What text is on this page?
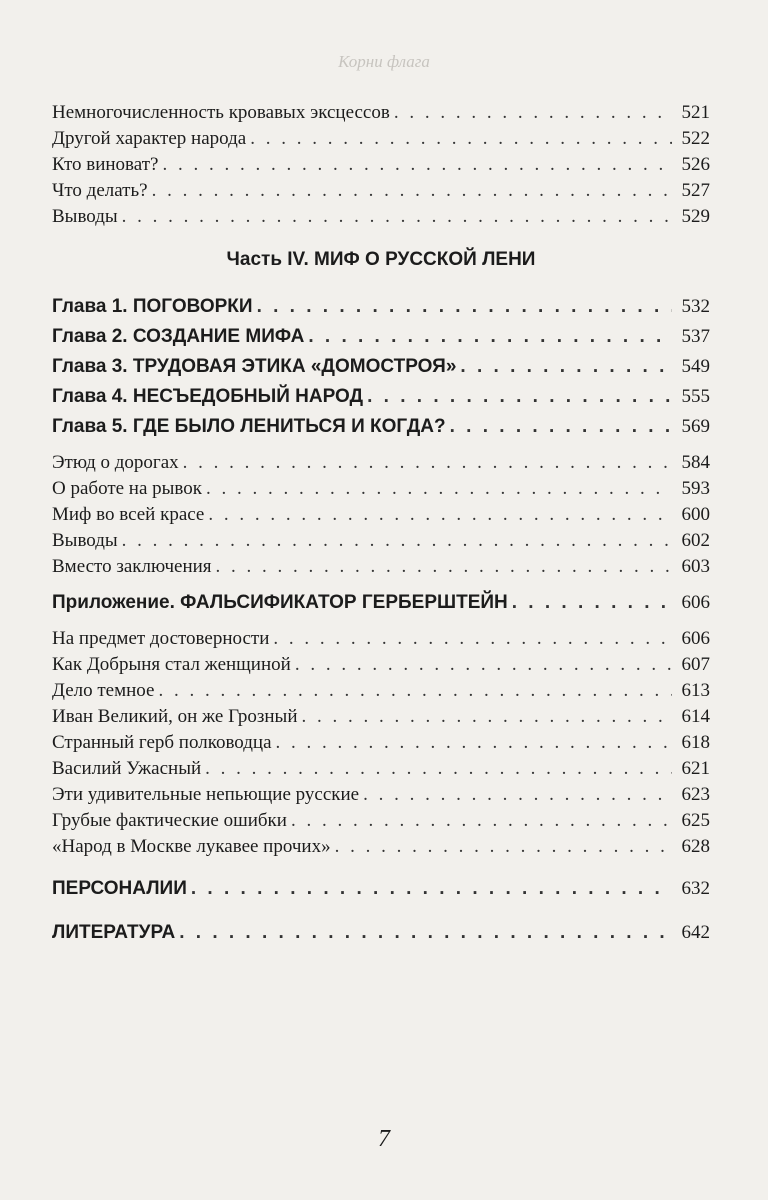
Корни флага
Немногочисленность кровавых эксцессов . . .	521
Другой характер народа . . .	522
Кто виноват? . . .	526
Что делать? . . .	527
Выводы . . .	529
Часть IV. МИФ О РУССКОЙ ЛЕНИ
Глава 1. ПОГОВОРКИ . . .	532
Глава 2. СОЗДАНИЕ МИФА . . .	537
Глава 3. ТРУДОВАЯ ЭТИКА «ДОМОСТРОЯ» . . .	549
Глава 4. НЕСЪЕДОБНЫЙ НАРОД . . .	555
Глава 5. ГДЕ БЫЛО ЛЕНИТЬСЯ И КОГДА? . . .	569
Этюд о дорогах . . .	584
О работе на рывок . . .	593
Миф во всей красе . . .	600
Выводы . . .	602
Вместо заключения . . .	603
Приложение. ФАЛЬСИФИКАТОР ГЕРБЕРШТЕЙН . . .	606
На предмет достоверности . . .	606
Как Добрыня стал женщиной . . .	607
Дело темное . . .	613
Иван Великий, он же Грозный . . .	614
Странный герб полководца . . .	618
Василий Ужасный . . .	621
Эти удивительные непьющие русские . . .	623
Грубые фактические ошибки . . .	625
«Народ в Москве лукавее прочих» . . .	628
ПЕРСОНАЛИИ . . .	632
ЛИТЕРАТУРА . . .	642
7
